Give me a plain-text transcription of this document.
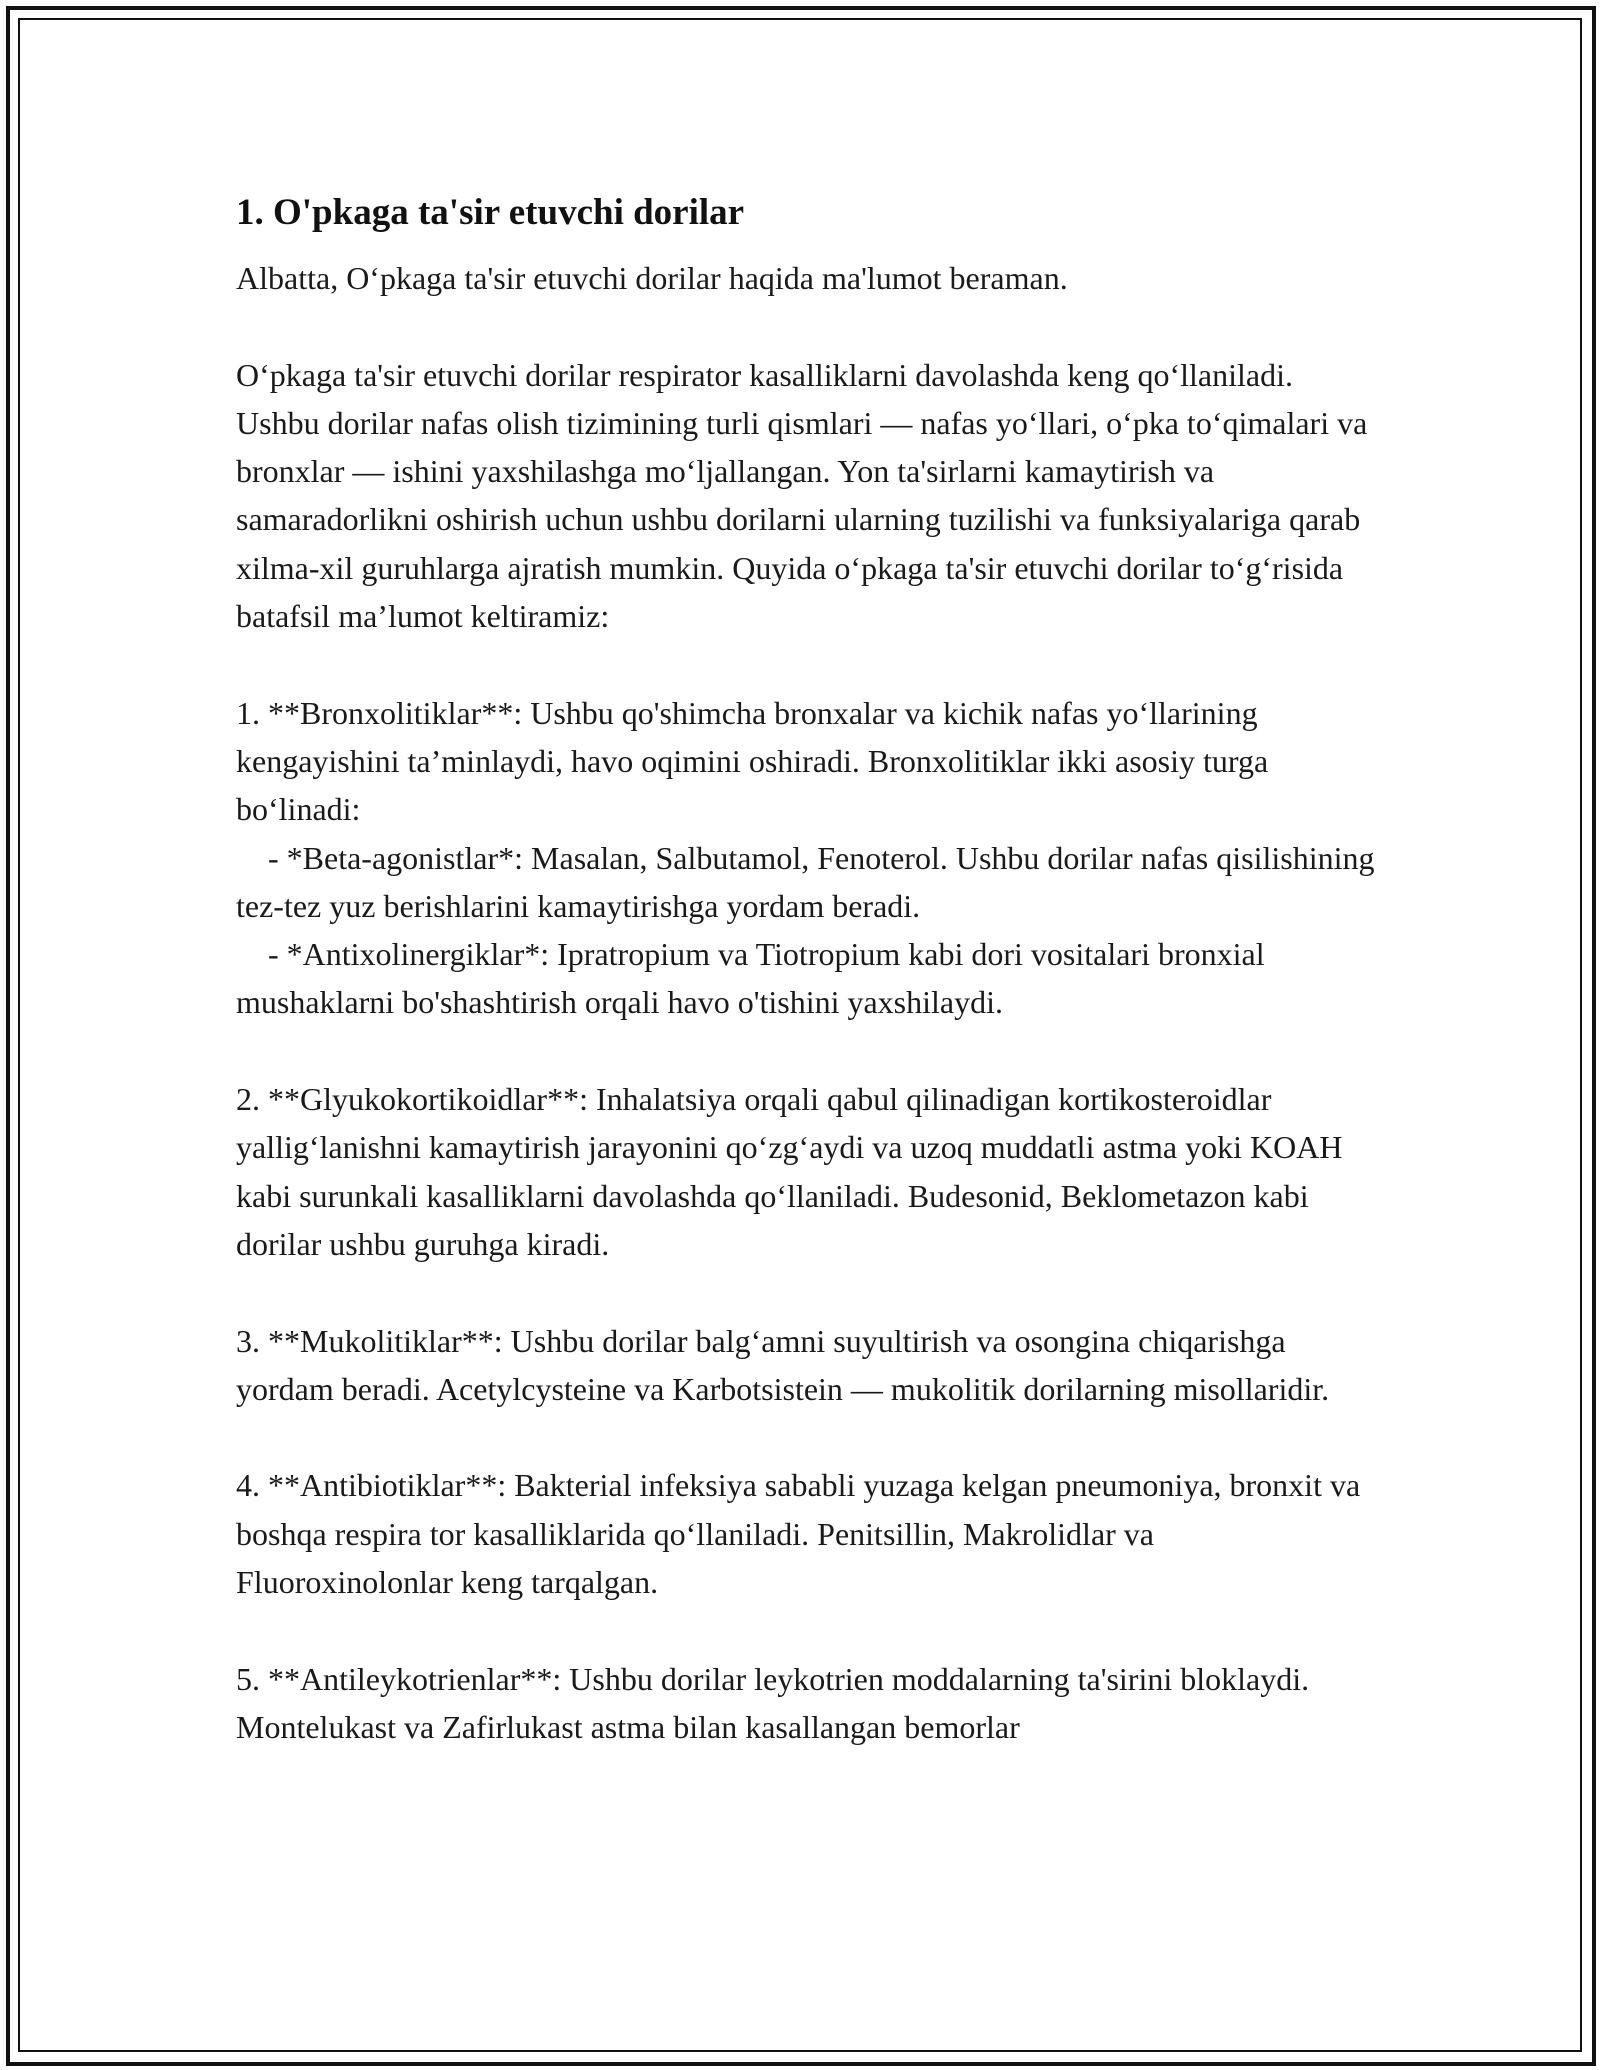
1. O'pkaga ta'sir etuvchi dorilar

Albatta, O‘pkaga ta'sir etuvchi dorilar haqida ma'lumot beraman.

O‘pkaga ta'sir etuvchi dorilar respirator kasalliklarni davolashda keng qo‘llaniladi. Ushbu dorilar nafas olish tizimining turli qismlari — nafas yo‘llari, o‘pka to‘qimalari va bronxlar — ishini yaxshilashga mo‘ljallangan. Yon ta'sirlarni kamaytirish va samaradorlikni oshirish uchun ushbu dorilarni ularning tuzilishi va funksiyalariga qarab xilma-xil guruhlarga ajratish mumkin. Quyida o‘pkaga ta'sir etuvchi dorilar to‘g‘risida batafsil ma’lumot keltiramiz:

1. **Bronxolitiklar**: Ushbu qo'shimcha bronxalar va kichik nafas yo‘llarining kengayishini ta’minlaydi, havo oqimini oshiradi. Bronxolitiklar ikki asosiy turga bo‘linadi:

- *Beta-agonistlar*: Masalan, Salbutamol, Fenoterol. Ushbu dorilar nafas qisilishining tez-tez yuz berishlarini kamaytirishga yordam beradi.

- *Antixolinergiklar*: Ipratropium va Tiotropium kabi dori vositalari bronxial mushaklarni bo'shashtirish orqali havo o'tishini yaxshilaydi.

2. **Glyukokortikoidlar**: Inhalatsiya orqali qabul qilinadigan kortikosteroidlar yallig‘lanishni kamaytirish jarayonini qo‘zg‘aydi va uzoq muddatli astma yoki KOAH kabi surunkali kasalliklarni davolashda qo‘llaniladi. Budesonid, Beklometazon kabi dorilar ushbu guruhga kiradi.

3. **Mukolitiklar**: Ushbu dorilar balg‘amni suyultirish va osongina chiqarishga yordam beradi. Acetylcysteine va Karbotsistein — mukolitik dorilarning misollaridir.

4. **Antibiotiklar**: Bakterial infeksiya sababli yuzaga kelgan pneumoniya, bronxit va boshqa respira tor kasalliklarida qo‘llaniladi. Penitsillin, Makrolidlar va Fluoroxinolonlar keng tarqalgan.

5. **Antileykotrienlar**: Ushbu dorilar leykotrien moddalarning ta'sirini bloklaydi. Montelukast va Zafirlukast astma bilan kasallangan bemorlar
